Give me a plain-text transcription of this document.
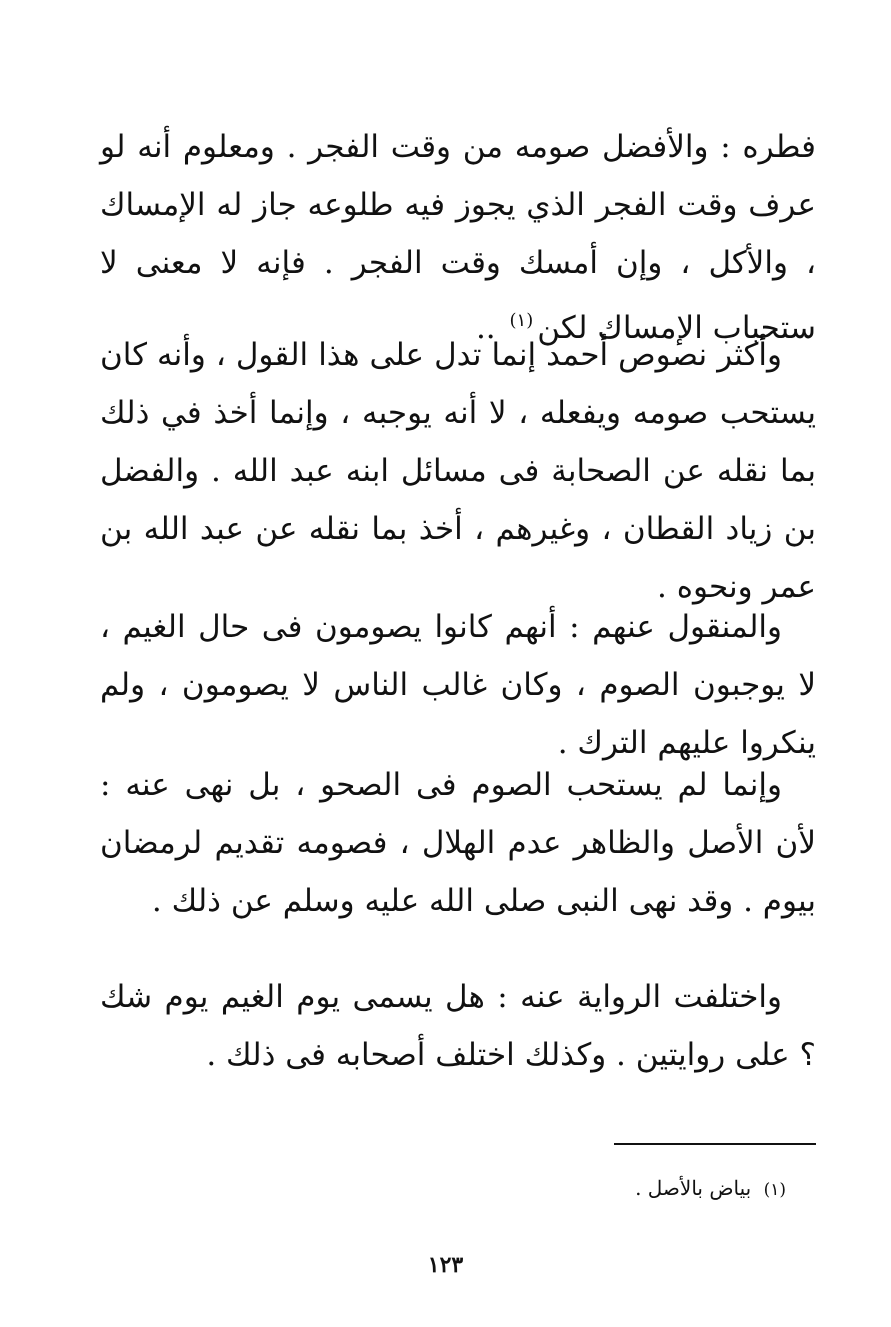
فطره : والأفضل صومه من وقت الفجر . ومعلوم أنه لو عرف وقت الفجر الذي يجوز فيه طلوعه جاز له الإمساك ، والأكل ، وإن أمسك وقت الفجر . فإنه لا معنى لا ستحباب الإمساك لكن$^{(١)}$ ..

وأكثر نصوص أحمد إنما تدل على هذا القول ، وأنه كان يستحب صومه ويفعله ، لا أنه يوجبه ، وإنما أخذ في ذلك بما نقله عن الصحابة فى مسائل ابنه عبد الله . والفضل بن زياد القطان ، وغيرهم ، أخذ بما نقله عن عبد الله بن عمر ونحوه .

والمنقول عنهم : أنهم كانوا يصومون فى حال الغيم ، لا يوجبون الصوم ، وكان غالب الناس لا يصومون ، ولم ينكروا عليهم الترك .

وإنما لم يستحب الصوم فى الصحو ، بل نهى عنه : لأن الأصل والظاهر عدم الهلال ، فصومه تقديم لرمضان بيوم . وقد نهى النبى صلى الله عليه وسلم عن ذلك .

واختلفت الرواية عنه : هل يسمى يوم الغيم يوم شك ؟ على روايتين . وكذلك اختلف أصحابه فى ذلك .

(١) بياض بالأصل .
١٢٣
